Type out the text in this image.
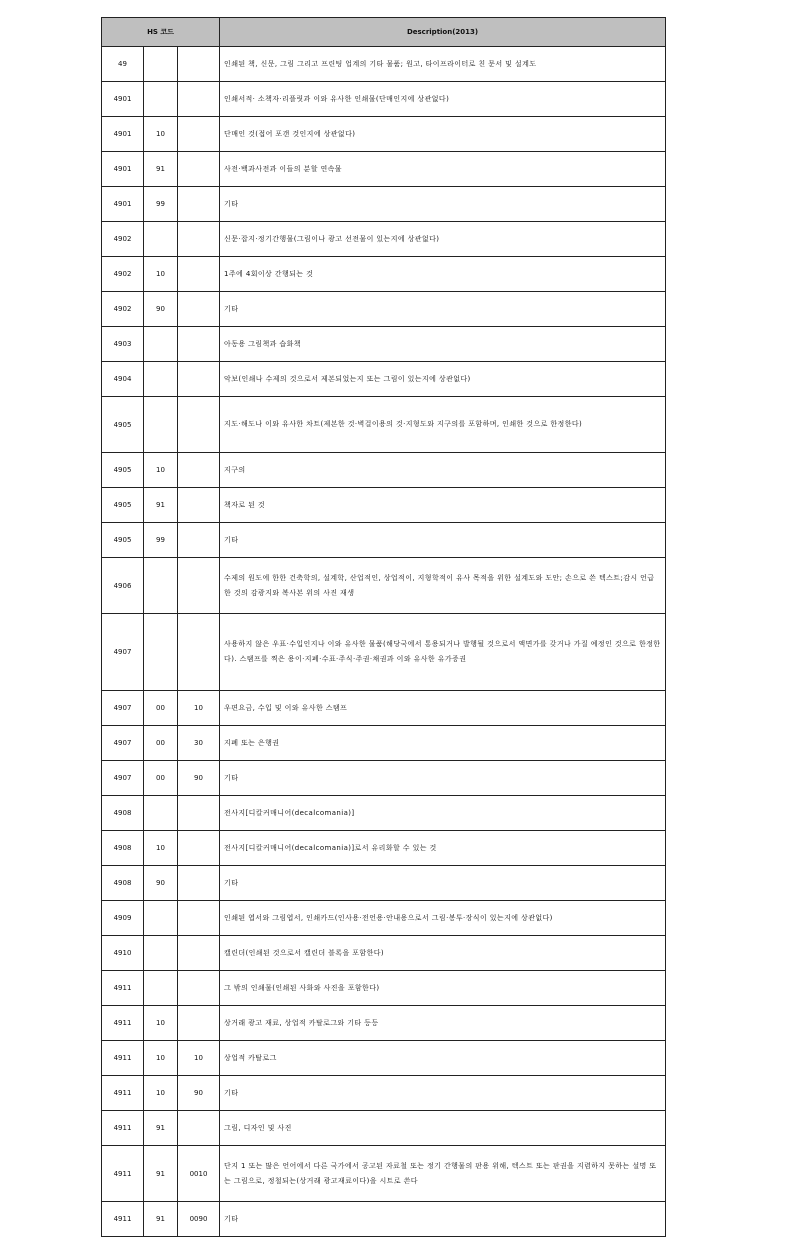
HS 코드			Description(2013)
49			인쇄된 책, 신문, 그림 그리고 프린팅 업계의 기타 물품; 원고, 타이프라이터로 친 문서 및 설계도
4901			인쇄서적· 소책자·리플릿과 이와 유사한 인쇄물(단매인지에 상관없다)
4901	10		단매인 것(접어 포갠 것인지에 상관없다)
4901	91		사전·백과사전과 이들의 분할 연속물
4901	99		기타
4902			신문·잡지·정기간행물(그림이나 광고 선전물이 있는지에 상관없다)
4902	10		1주에 4회이상 간행되는 것
4902	90		기타
4903			아동용 그림책과 습화책
4904			악보(인쇄나 수제의 것으로서 제본되었는지 또는 그림이 있는지에 상관없다)
4905			지도·해도나 이와 유사한 차트(제본한 것·벽걸이용의 것·지형도와 지구의를 포함하며, 인쇄한 것으로 한정한다)
4905	10		지구의
4905	91		책자로 된 것
4905	99		기타
4906			수제의 원도에 한한 건축학의, 설계학, 산업적인, 상업적이, 지형학적이 유사 목적을 위한 설계도와 도안; 손으로 쓴 텍스트;감시 언급한 것의 감광지와 복사본 위의 사진 재생
4907			사용하지 않은 우표·수입인지나 이와 유사한 물품(해당국에서 통용되거나 발행될 것으로서 액면가를 갖거나 가질 예정인 것으로 한정한다). 스탬프를 찍은 용이·지폐·수표·주식·주권·채권과 이와 유사한 유가증권
4907	00	10	우편요금, 수입 및 이와 유사한 스탬프
4907	00	30	지폐 또는 은행권
4907	00	90	기타
4908			전사지[디칼커매니어(decalcomania)]
4908	10		전사지[디칼커매니어(decalcomania)]로서 유리화할 수 있는 것
4908	90		기타
4909			인쇄된 엽서와 그림엽서, 인쇄카드(인사용·전언용·안내용으로서 그림·봉투·장식이 있는지에 상관없다)
4910			캘린더(인쇄된 것으로서 캘린더 블록을 포함한다)
4911			그 밖의 인쇄물(인쇄된 사화와 사진을 포함한다)
4911	10		상거래 광고 재료, 상업적 카탈로그와 기타 등등
4911	10	10	상업적 카탈로그
4911	10	90	기타
4911	91		그림, 디자인 및 사진
4911	91	0010	단지 1 또는 많은 언어에서 다른 국가에서 공고된 자료철 또는 정기 간행물의 판용 위해, 텍스트 또는 판권을 지렴하지 못하는 설명 또는 그림으로, 정철되는(상거래 광고재료이다)을 시트로 쓴다
4911	91	0090	기타
